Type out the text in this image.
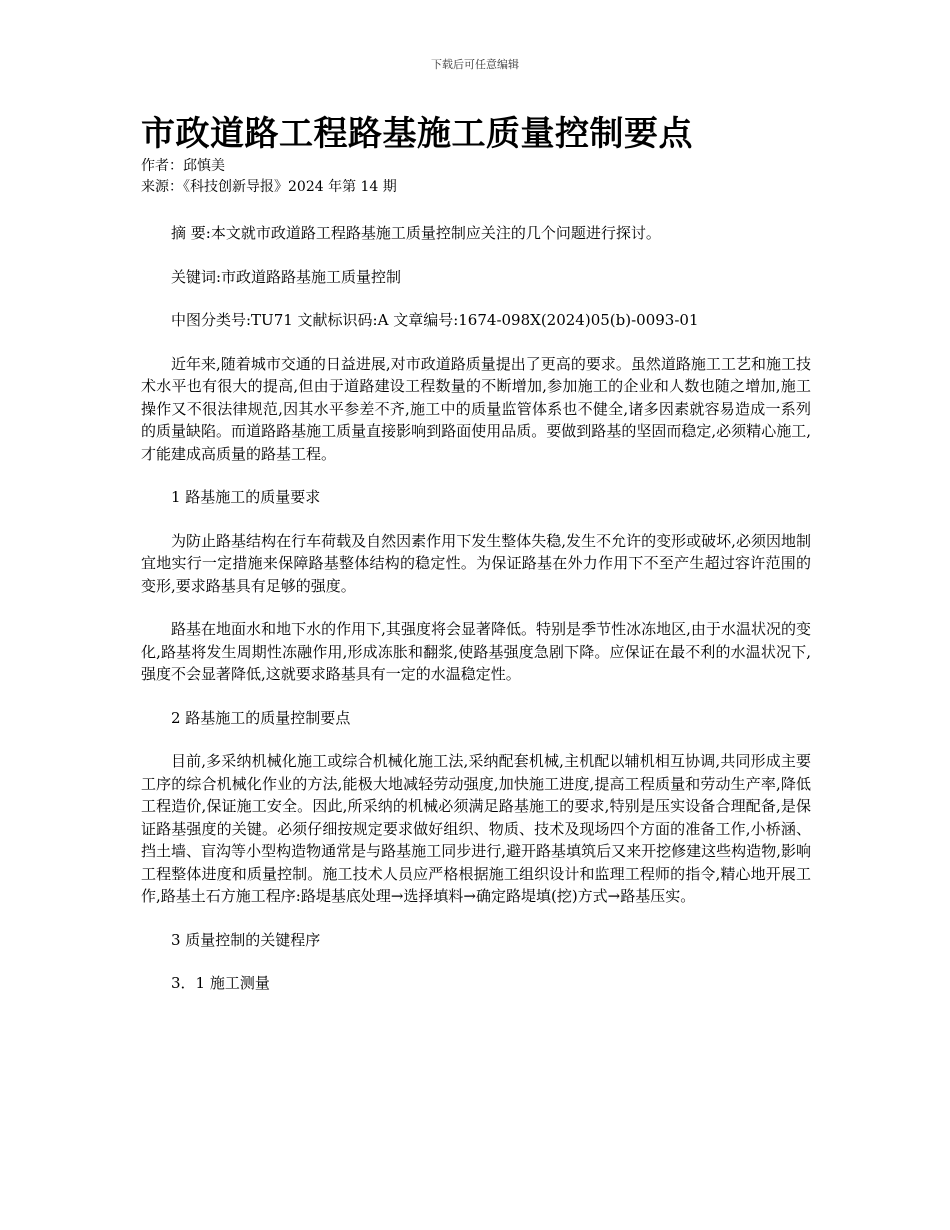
下载后可任意编辑
市政道路工程路基施工质量控制要点

作者：邱慎美

来源：《科技创新导报》2024 年第 14 期

摘 要:本文就市政道路工程路基施工质量控制应关注的几个问题进行探讨。

关键词:市政道路路基施工质量控制

中图分类号:TU71 文献标识码:A 文章编号:1674-098X(2024)05(b)-0093-01

近年来,随着城市交通的日益进展,对市政道路质量提出了更高的要求。虽然道路施工工艺和施工技术水平也有很大的提高,但由于道路建设工程数量的不断增加,参加施工的企业和人数也随之增加,施工操作又不很法律规范,因其水平参差不齐,施工中的质量监管体系也不健全,诸多因素就容易造成一系列的质量缺陷。而道路路基施工质量直接影响到路面使用品质。要做到路基的坚固而稳定,必须精心施工,才能建成高质量的路基工程。

1 路基施工的质量要求

为防止路基结构在行车荷载及自然因素作用下发生整体失稳,发生不允许的变形或破坏,必须因地制宜地实行一定措施来保障路基整体结构的稳定性。为保证路基在外力作用下不至产生超过容许范围的变形,要求路基具有足够的强度。

路基在地面水和地下水的作用下,其强度将会显著降低。特别是季节性冰冻地区,由于水温状况的变化,路基将发生周期性冻融作用,形成冻胀和翻浆,使路基强度急剧下降。应保证在最不利的水温状况下,强度不会显著降低,这就要求路基具有一定的水温稳定性。

2 路基施工的质量控制要点

目前,多采纳机械化施工或综合机械化施工法,采纳配套机械,主机配以辅机相互协调,共同形成主要工序的综合机械化作业的方法,能极大地减轻劳动强度,加快施工进度,提高工程质量和劳动生产率,降低工程造价,保证施工安全。因此,所采纳的机械必须满足路基施工的要求,特别是压实设备合理配备,是保证路基强度的关键。必须仔细按规定要求做好组织、物质、技术及现场四个方面的准备工作,小桥涵、挡土墙、盲沟等小型构造物通常是与路基施工同步进行,避开路基填筑后又来开挖修建这些构造物,影响工程整体进度和质量控制。施工技术人员应严格根据施工组织设计和监理工程师的指令,精心地开展工作,路基土石方施工程序:路堤基底处理→选择填料→确定路堤填(挖)方式→路基压实。

3 质量控制的关键程序

3．1 施工测量
